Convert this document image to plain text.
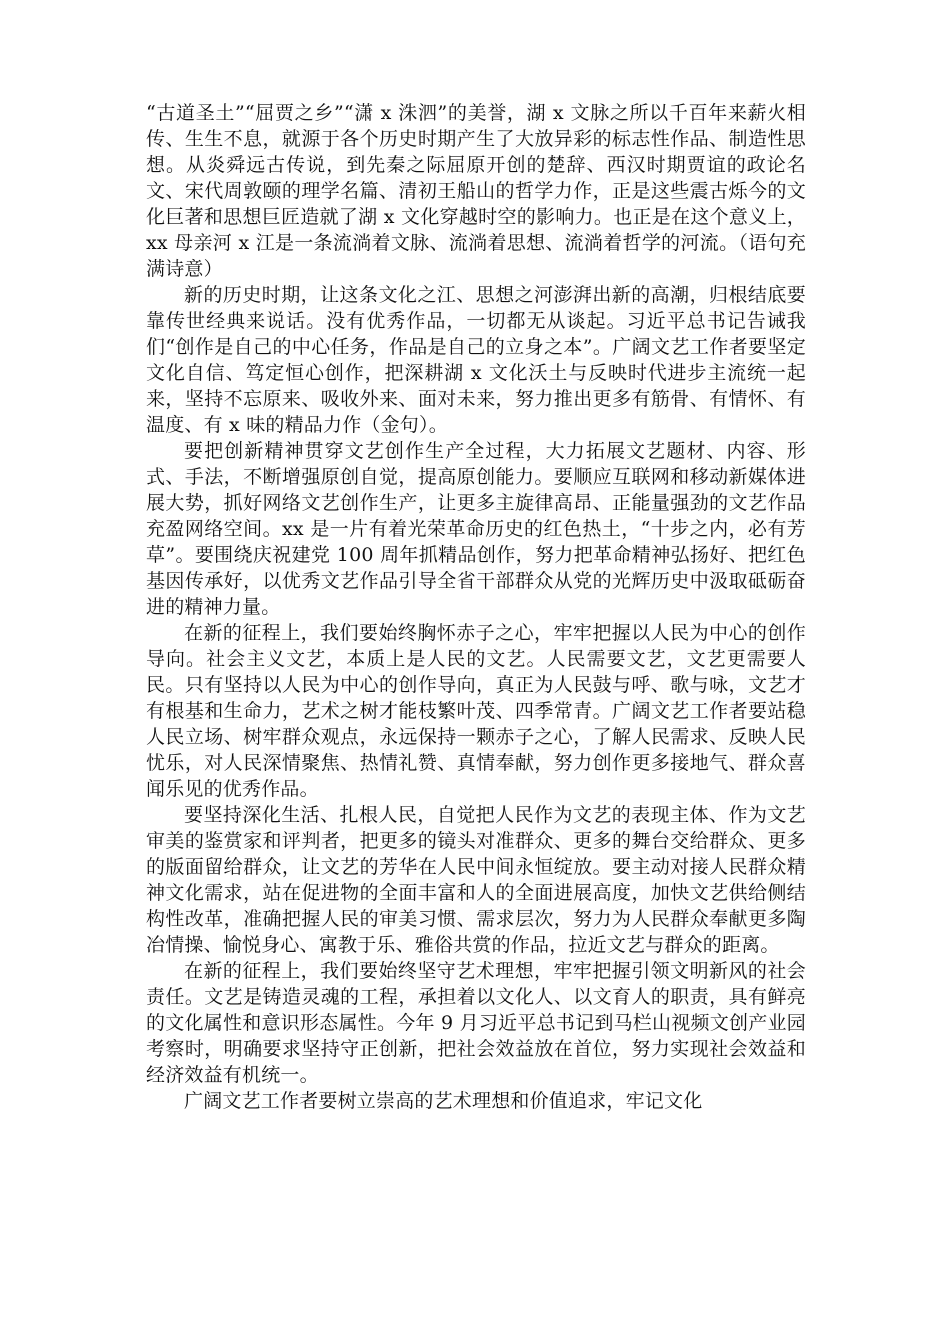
“古道圣土”“屈贾之乡”“潇 x 洙泗”的美誉，湖 x 文脉之所以千百年来薪火相传、生生不息，就源于各个历史时期产生了大放异彩的标志性作品、制造性思想。从炎舜远古传说，到先秦之际屈原开创的楚辞、西汉时期贾谊的政论名文、宋代周敦颐的理学名篇、清初王船山的哲学力作，正是这些震古烁今的文化巨著和思想巨匠造就了湖 x 文化穿越时空的影响力。也正是在这个意义上，xx 母亲河 x 江是一条流淌着文脉、流淌着思想、流淌着哲学的河流。（语句充满诗意）

新的历史时期，让这条文化之江、思想之河澎湃出新的高潮，归根结底要靠传世经典来说话。没有优秀作品，一切都无从谈起。习近平总书记告诫我们“创作是自己的中心任务，作品是自己的立身之本”。广阔文艺工作者要坚定文化自信、笃定恒心创作，把深耕湖 x 文化沃土与反映时代进步主流统一起来，坚持不忘原来、吸收外来、面对未来，努力推出更多有筋骨、有情怀、有温度、有 x 味的精品力作（金句）。

要把创新精神贯穿文艺创作生产全过程，大力拓展文艺题材、内容、形式、手法，不断增强原创自觉，提高原创能力。要顺应互联网和移动新媒体进展大势，抓好网络文艺创作生产，让更多主旋律高昂、正能量强劲的文艺作品充盈网络空间。xx 是一片有着光荣革命历史的红色热土，“十步之内，必有芳草”。要围绕庆祝建党 100 周年抓精品创作，努力把革命精神弘扬好、把红色基因传承好，以优秀文艺作品引导全省干部群众从党的光辉历史中汲取砥砺奋进的精神力量。

在新的征程上，我们要始终胸怀赤子之心，牢牢把握以人民为中心的创作导向。社会主义文艺，本质上是人民的文艺。人民需要文艺，文艺更需要人民。只有坚持以人民为中心的创作导向，真正为人民鼓与呼、歌与咏，文艺才有根基和生命力，艺术之树才能枝繁叶茂、四季常青。广阔文艺工作者要站稳人民立场、树牢群众观点，永远保持一颗赤子之心，了解人民需求、反映人民忧乐，对人民深情聚焦、热情礼赞、真情奉献，努力创作更多接地气、群众喜闻乐见的优秀作品。

要坚持深化生活、扎根人民，自觉把人民作为文艺的表现主体、作为文艺审美的鉴赏家和评判者，把更多的镜头对准群众、更多的舞台交给群众、更多的版面留给群众，让文艺的芳华在人民中间永恒绽放。要主动对接人民群众精神文化需求，站在促进物的全面丰富和人的全面进展高度，加快文艺供给侧结构性改革，准确把握人民的审美习惯、需求层次，努力为人民群众奉献更多陶冶情操、愉悦身心、寓教于乐、雅俗共赏的作品，拉近文艺与群众的距离。

在新的征程上，我们要始终坚守艺术理想，牢牢把握引领文明新风的社会责任。文艺是铸造灵魂的工程，承担着以文化人、以文育人的职责，具有鲜亮的文化属性和意识形态属性。今年 9 月习近平总书记到马栏山视频文创产业园考察时，明确要求坚持守正创新，把社会效益放在首位，努力实现社会效益和经济效益有机统一。

广阔文艺工作者要树立崇高的艺术理想和价值追求，牢记文化
